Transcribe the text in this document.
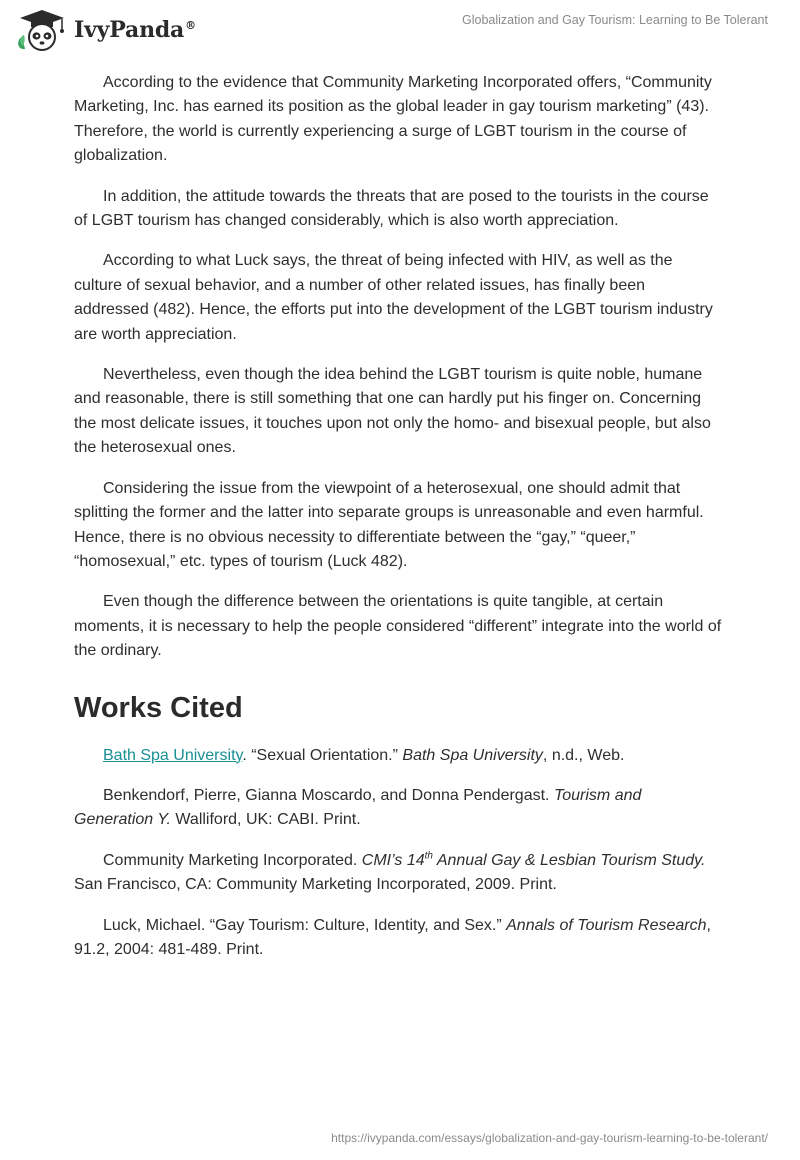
IvyPanda®	Globalization and Gay Tourism: Learning to Be Tolerant

According to the evidence that Community Marketing Incorporated offers, “Community Marketing, Inc. has earned its position as the global leader in gay tourism marketing” (43). Therefore, the world is currently experiencing a surge of LGBT tourism in the course of globalization.

In addition, the attitude towards the threats that are posed to the tourists in the course of LGBT tourism has changed considerably, which is also worth appreciation.

According to what Luck says, the threat of being infected with HIV, as well as the culture of sexual behavior, and a number of other related issues, has finally been addressed (482). Hence, the efforts put into the development of the LGBT tourism industry are worth appreciation.

Nevertheless, even though the idea behind the LGBT tourism is quite noble, humane and reasonable, there is still something that one can hardly put his finger on. Concerning the most delicate issues, it touches upon not only the homo- and bisexual people, but also the heterosexual ones.

Considering the issue from the viewpoint of a heterosexual, one should admit that splitting the former and the latter into separate groups is unreasonable and even harmful. Hence, there is no obvious necessity to differentiate between the “gay,” “queer,” “homosexual,” etc. types of tourism (Luck 482).

Even though the difference between the orientations is quite tangible, at certain moments, it is necessary to help the people considered “different” integrate into the world of the ordinary.

Works Cited

Bath Spa University. “Sexual Orientation.” Bath Spa University, n.d., Web.

Benkendorf, Pierre, Gianna Moscardo, and Donna Pendergast. Tourism and Generation Y. Walliford, UK: CABI. Print.

Community Marketing Incorporated. CMI’s 14th Annual Gay & Lesbian Tourism Study. San Francisco, CA: Community Marketing Incorporated, 2009. Print.

Luck, Michael. “Gay Tourism: Culture, Identity, and Sex.” Annals of Tourism Research, 91.2, 2004: 481-489. Print.

https://ivypanda.com/essays/globalization-and-gay-tourism-learning-to-be-tolerant/
